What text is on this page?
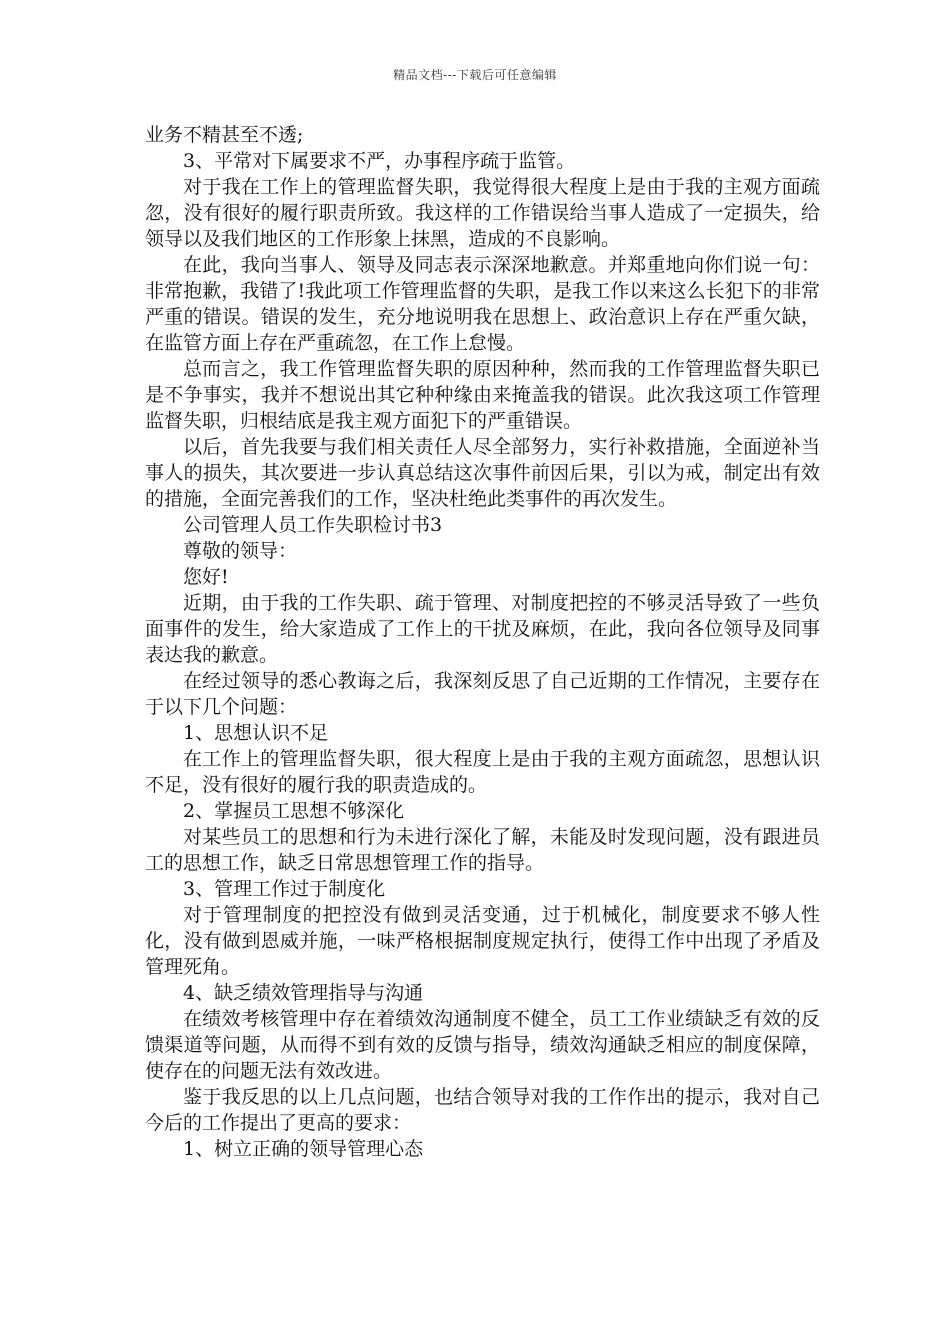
精品文档---下载后可任意编辑

业务不精甚至不透;

3、平常对下属要求不严，办事程序疏于监管。

对于我在工作上的管理监督失职，我觉得很大程度上是由于我的主观方面疏忽，没有很好的履行职责所致。我这样的工作错误给当事人造成了一定损失，给领导以及我们地区的工作形象上抹黑，造成的不良影响。

在此，我向当事人、领导及同志表示深深地歉意。并郑重地向你们说一句：非常抱歉，我错了!我此项工作管理监督的失职，是我工作以来这么长犯下的非常严重的错误。错误的发生，充分地说明我在思想上、政治意识上存在严重欠缺，在监管方面上存在严重疏忽，在工作上怠慢。

总而言之，我工作管理监督失职的原因种种，然而我的工作管理监督失职已是不争事实，我并不想说出其它种种缘由来掩盖我的错误。此次我这项工作管理监督失职，归根结底是我主观方面犯下的严重错误。

以后，首先我要与我们相关责任人尽全部努力，实行补救措施，全面逆补当事人的损失，其次要进一步认真总结这次事件前因后果，引以为戒，制定出有效的措施，全面完善我们的工作，坚决杜绝此类事件的再次发生。

公司管理人员工作失职检讨书3

尊敬的领导：

您好!

近期，由于我的工作失职、疏于管理、对制度把控的不够灵活导致了一些负面事件的发生，给大家造成了工作上的干扰及麻烦，在此，我向各位领导及同事表达我的歉意。

在经过领导的悉心教诲之后，我深刻反思了自己近期的工作情况，主要存在于以下几个问题：

1、思想认识不足

在工作上的管理监督失职，很大程度上是由于我的主观方面疏忽，思想认识不足，没有很好的履行我的职责造成的。

2、掌握员工思想不够深化

对某些员工的思想和行为未进行深化了解，未能及时发现问题，没有跟进员工的思想工作，缺乏日常思想管理工作的指导。

3、管理工作过于制度化

对于管理制度的把控没有做到灵活变通，过于机械化，制度要求不够人性化，没有做到恩威并施，一味严格根据制度规定执行，使得工作中出现了矛盾及管理死角。

4、缺乏绩效管理指导与沟通

在绩效考核管理中存在着绩效沟通制度不健全，员工工作业绩缺乏有效的反馈渠道等问题，从而得不到有效的反馈与指导，绩效沟通缺乏相应的制度保障，使存在的问题无法有效改进。

鉴于我反思的以上几点问题，也结合领导对我的工作作出的提示，我对自己今后的工作提出了更高的要求：

1、树立正确的领导管理心态
